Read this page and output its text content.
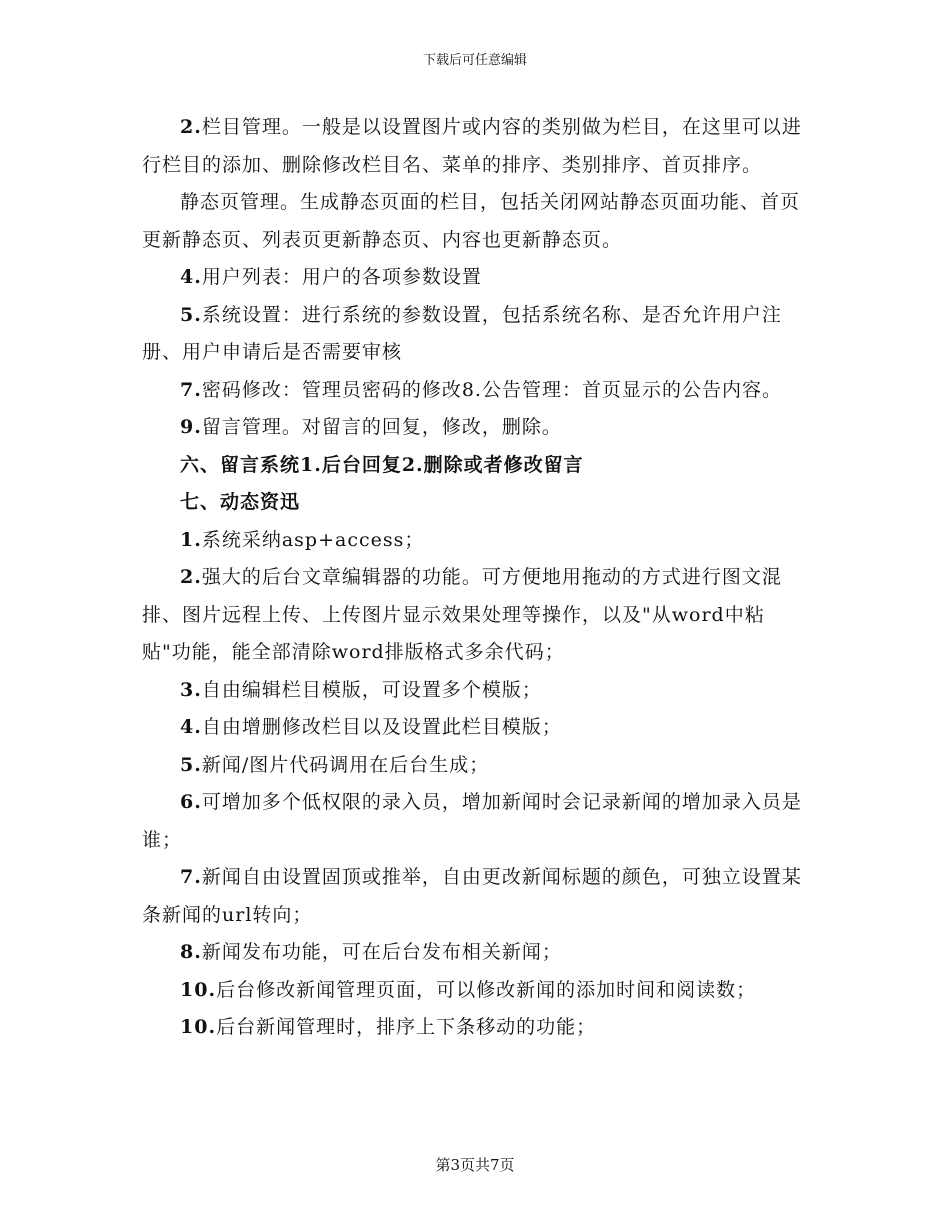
下载后可任意编辑

2.栏目管理。一般是以设置图片或内容的类别做为栏目，在这里可以进行栏目的添加、删除修改栏目名、菜单的排序、类别排序、首页排序。

静态页管理。生成静态页面的栏目，包括关闭网站静态页面功能、首页更新静态页、列表页更新静态页、内容也更新静态页。

4.用户列表：用户的各项参数设置

5.系统设置：进行系统的参数设置，包括系统名称、是否允许用户注册、用户申请后是否需要审核

7.密码修改：管理员密码的修改8.公告管理：首页显示的公告内容。

9.留言管理。对留言的回复，修改，删除。

六、留言系统1.后台回复2.删除或者修改留言

七、动态资迅

1.系统采纳asp+access；

2.强大的后台文章编辑器的功能。可方便地用拖动的方式进行图文混排、图片远程上传、上传图片显示效果处理等操作，以及"从word中粘贴"功能，能全部清除word排版格式多余代码；

3.自由编辑栏目模版，可设置多个模版；

4.自由增删修改栏目以及设置此栏目模版；

5.新闻/图片代码调用在后台生成；

6.可增加多个低权限的录入员，增加新闻时会记录新闻的增加录入员是谁；

7.新闻自由设置固顶或推举，自由更改新闻标题的颜色，可独立设置某条新闻的url转向；

8.新闻发布功能，可在后台发布相关新闻；

10.后台修改新闻管理页面，可以修改新闻的添加时间和阅读数；

10.后台新闻管理时，排序上下条移动的功能；

第3页共7页
